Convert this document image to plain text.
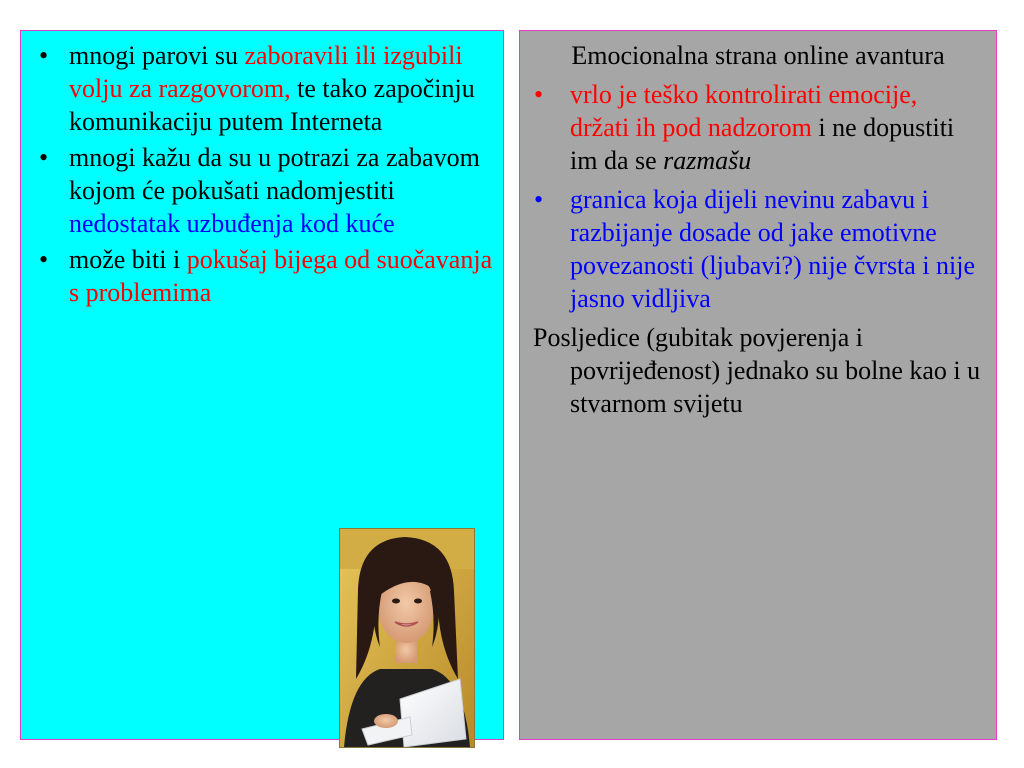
• mnogi parovi su zaboravili ili izgubili volju za razgovorom, te tako započinju komunikaciju putem Interneta
• mnogi kažu da su u potrazi za zabavom kojom će pokušati nadomjestiti nedostatak uzbuđenja kod kuće
• može biti i pokušaj bijega od suočavanja s problemima
Emocionalna strana online avantura
• vrlo je teško kontrolirati emocije, držati ih pod nadzorom i ne dopustiti im da se razmašu
• granica koja dijeli nevinu zabavu i razbijanje dosade od jake emotivne povezanosti (ljubavi?) nije čvrsta i nije jasno vidljiva

Posljedice (gubitak povjerenja i povrijeđenost) jednako su bolne kao i u stvarnom svijetu
